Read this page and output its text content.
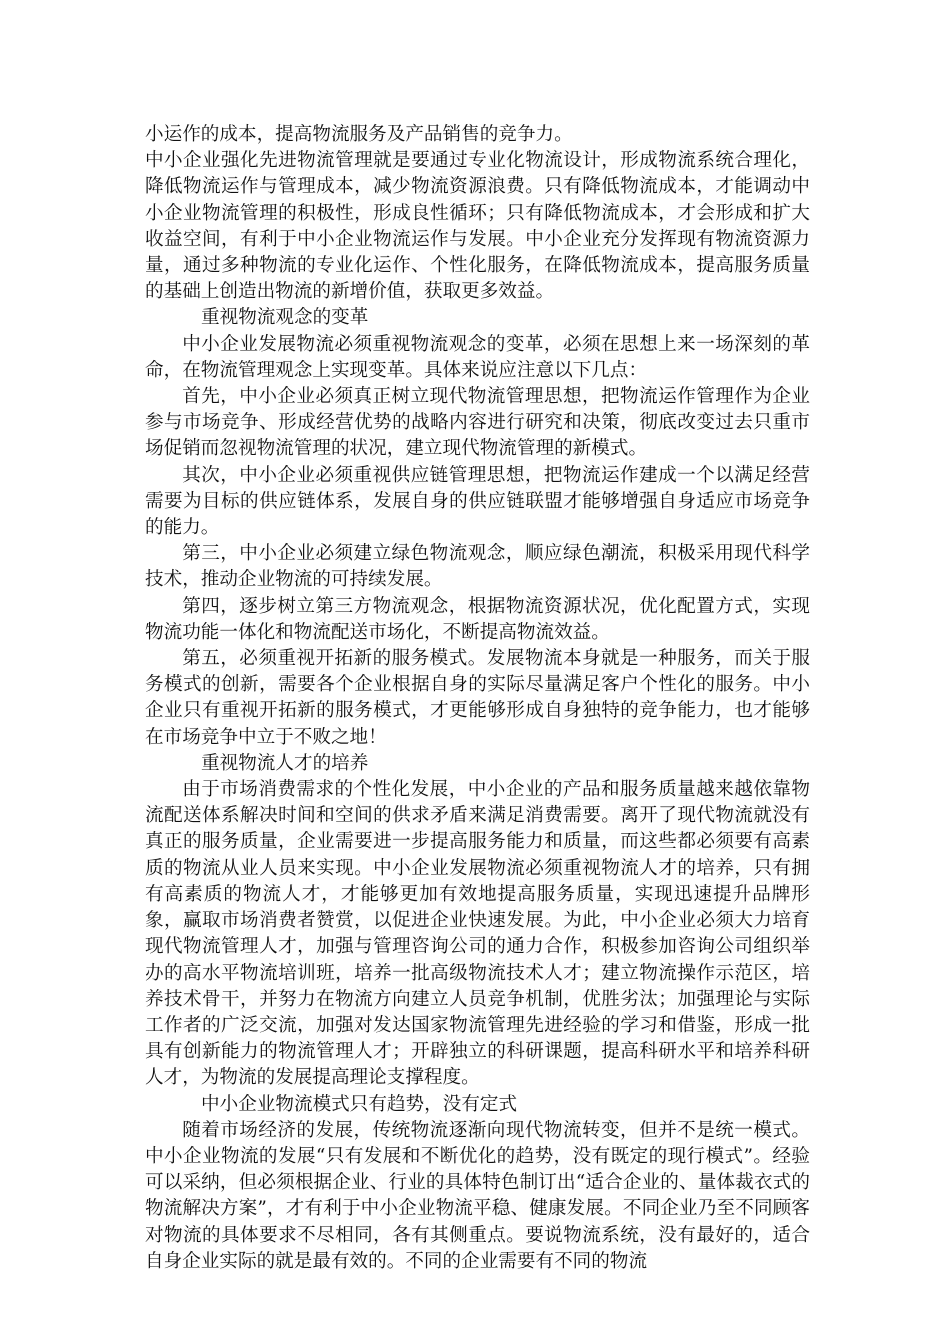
小运作的成本，提高物流服务及产品销售的竞争力。

中小企业强化先进物流管理就是要通过专业化物流设计，形成物流系统合理化，降低物流运作与管理成本，减少物流资源浪费。只有降低物流成本，才能调动中小企业物流管理的积极性，形成良性循环；只有降低物流成本，才会形成和扩大收益空间，有利于中小企业物流运作与发展。中小企业充分发挥现有物流资源力量，通过多种物流的专业化运作、个性化服务，在降低物流成本，提高服务质量的基础上创造出物流的新增价值，获取更多效益。

重视物流观念的变革

中小企业发展物流必须重视物流观念的变革，必须在思想上来一场深刻的革命，在物流管理观念上实现变革。具体来说应注意以下几点：

首先，中小企业必须真正树立现代物流管理思想，把物流运作管理作为企业参与市场竞争、形成经营优势的战略内容进行研究和决策，彻底改变过去只重市场促销而忽视物流管理的状况，建立现代物流管理的新模式。

其次，中小企业必须重视供应链管理思想，把物流运作建成一个以满足经营需要为目标的供应链体系，发展自身的供应链联盟才能够增强自身适应市场竞争的能力。

第三，中小企业必须建立绿色物流观念，顺应绿色潮流，积极采用现代科学技术，推动企业物流的可持续发展。

第四，逐步树立第三方物流观念，根据物流资源状况，优化配置方式，实现物流功能一体化和物流配送市场化，不断提高物流效益。

第五，必须重视开拓新的服务模式。发展物流本身就是一种服务，而关于服务模式的创新，需要各个企业根据自身的实际尽量满足客户个性化的服务。中小企业只有重视开拓新的服务模式，才更能够形成自身独特的竞争能力，也才能够在市场竞争中立于不败之地！

重视物流人才的培养

由于市场消费需求的个性化发展，中小企业的产品和服务质量越来越依靠物流配送体系解决时间和空间的供求矛盾来满足消费需要。离开了现代物流就没有真正的服务质量，企业需要进一步提高服务能力和质量，而这些都必须要有高素质的物流从业人员来实现。中小企业发展物流必须重视物流人才的培养，只有拥有高素质的物流人才，才能够更加有效地提高服务质量，实现迅速提升品牌形象，赢取市场消费者赞赏，以促进企业快速发展。为此，中小企业必须大力培育现代物流管理人才，加强与管理咨询公司的通力合作，积极参加咨询公司组织举办的高水平物流培训班，培养一批高级物流技术人才；建立物流操作示范区，培养技术骨干，并努力在物流方向建立人员竞争机制，优胜劣汰；加强理论与实际工作者的广泛交流，加强对发达国家物流管理先进经验的学习和借鉴，形成一批具有创新能力的物流管理人才；开辟独立的科研课题，提高科研水平和培养科研人才，为物流的发展提高理论支撑程度。

中小企业物流模式只有趋势，没有定式

随着市场经济的发展，传统物流逐渐向现代物流转变，但并不是统一模式。中小企业物流的发展“只有发展和不断优化的趋势，没有既定的现行模式”。经验可以采纳，但必须根据企业、行业的具体特色制订出“适合企业的、量体裁衣式的物流解决方案”，才有利于中小企业物流平稳、健康发展。不同企业乃至不同顾客对物流的具体要求不尽相同，各有其侧重点。要说物流系统，没有最好的，适合自身企业实际的就是最有效的。不同的企业需要有不同的物流
